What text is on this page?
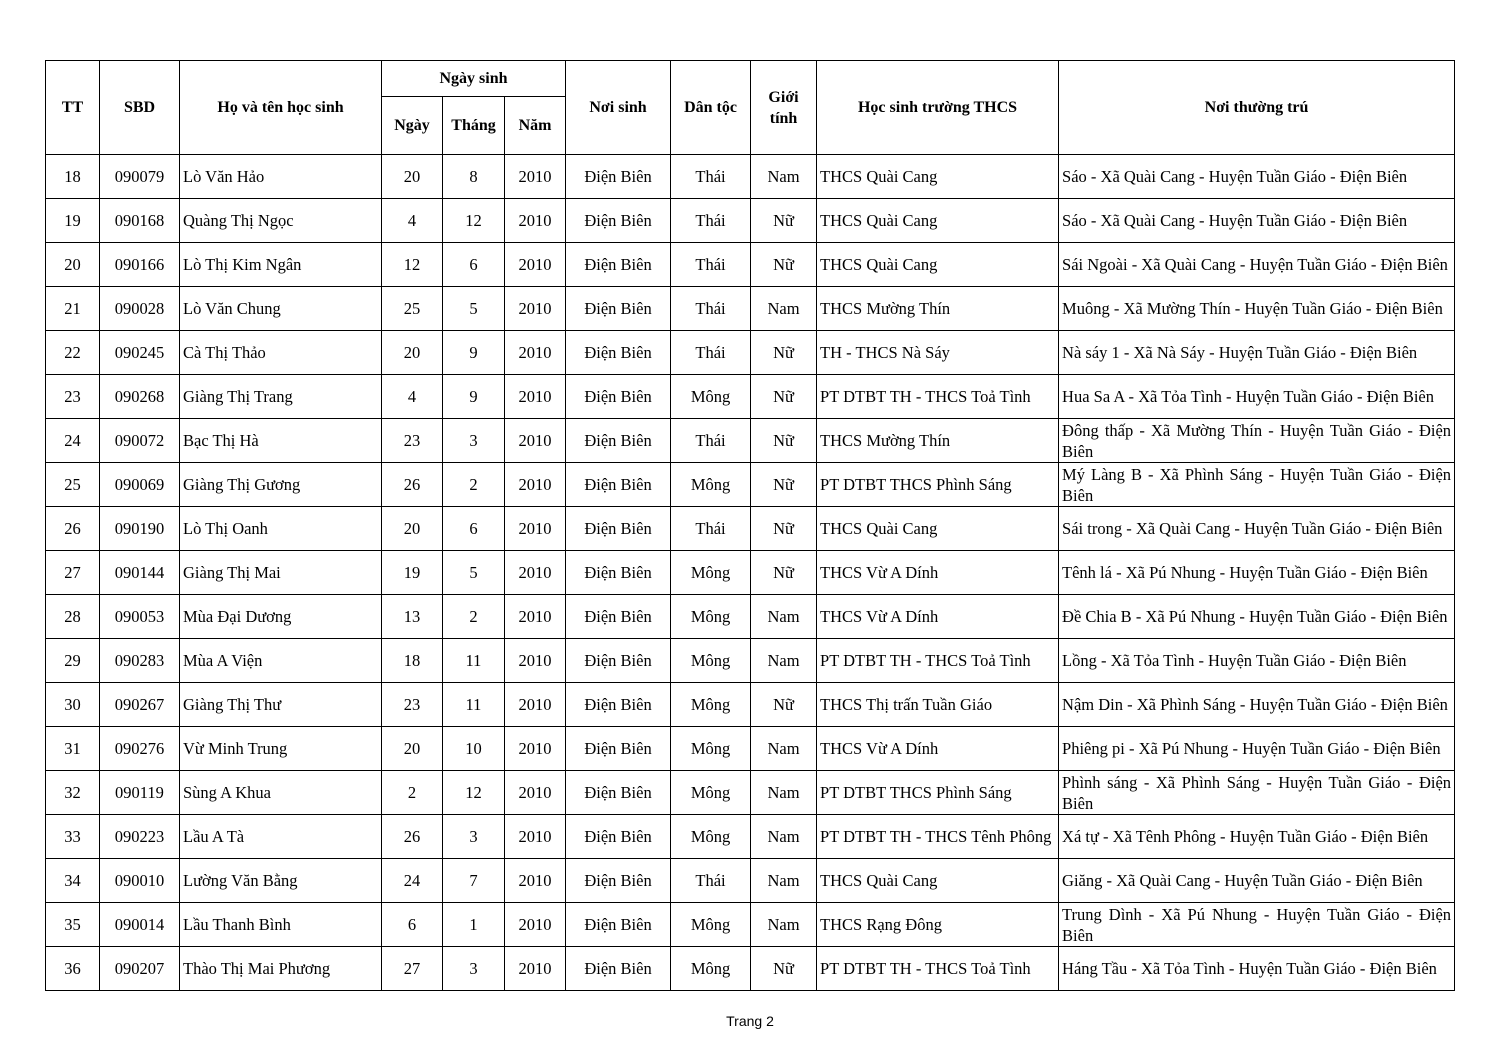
TT	SBD	Họ và tên học sinh	Ngày sinh			Nơi sinh	Dân tộc	Giới tính	Học sinh trường THCS	Nơi thường trú
			Ngày	Tháng	Năm					
18	090079	Lò Văn Hảo	20	8	2010	Điện Biên	Thái	Nam	THCS Quài Cang	Sáo - Xã Quài Cang - Huyện Tuần Giáo - Điện Biên
19	090168	Quàng Thị Ngọc	4	12	2010	Điện Biên	Thái	Nữ	THCS Quài Cang	Sáo - Xã Quài Cang - Huyện Tuần Giáo - Điện Biên
20	090166	Lò Thị Kim Ngân	12	6	2010	Điện Biên	Thái	Nữ	THCS Quài Cang	Sái Ngoài - Xã Quài Cang - Huyện Tuần Giáo - Điện Biên
21	090028	Lò Văn Chung	25	5	2010	Điện Biên	Thái	Nam	THCS Mường Thín	Muông - Xã Mường Thín - Huyện Tuần Giáo - Điện Biên
22	090245	Cà Thị Thảo	20	9	2010	Điện Biên	Thái	Nữ	TH - THCS Nà Sáy	Nà sáy 1 - Xã Nà Sáy - Huyện Tuần Giáo - Điện Biên
23	090268	Giàng Thị Trang	4	9	2010	Điện Biên	Mông	Nữ	PT DTBT TH - THCS Toả Tình	Hua Sa A - Xã Tỏa Tình - Huyện Tuần Giáo - Điện Biên
24	090072	Bạc Thị Hà	23	3	2010	Điện Biên	Thái	Nữ	THCS Mường Thín	Đông thấp - Xã Mường Thín - Huyện Tuần Giáo - Điện Biên
25	090069	Giàng Thị Gương	26	2	2010	Điện Biên	Mông	Nữ	PT DTBT THCS Phình Sáng	Mý Làng B - Xã Phình Sáng - Huyện Tuần Giáo - Điện Biên
26	090190	Lò Thị Oanh	20	6	2010	Điện Biên	Thái	Nữ	THCS Quài Cang	Sái trong - Xã Quài Cang - Huyện Tuần Giáo - Điện Biên
27	090144	Giàng Thị Mai	19	5	2010	Điện Biên	Mông	Nữ	THCS Vừ A Dính	Tênh lá - Xã Pú Nhung - Huyện Tuần Giáo - Điện Biên
28	090053	Mùa Đại Dương	13	2	2010	Điện Biên	Mông	Nam	THCS Vừ A Dính	Đề Chia B - Xã Pú Nhung - Huyện Tuần Giáo - Điện Biên
29	090283	Mùa A Viện	18	11	2010	Điện Biên	Mông	Nam	PT DTBT TH - THCS Toả Tình	Lồng - Xã Tỏa Tình - Huyện Tuần Giáo - Điện Biên
30	090267	Giàng Thị Thư	23	11	2010	Điện Biên	Mông	Nữ	THCS Thị trấn Tuần Giáo	Nậm Din - Xã Phình Sáng - Huyện Tuần Giáo - Điện Biên
31	090276	Vừ Minh Trung	20	10	2010	Điện Biên	Mông	Nam	THCS Vừ A Dính	Phiêng pi - Xã Pú Nhung - Huyện Tuần Giáo - Điện Biên
32	090119	Sùng A Khua	2	12	2010	Điện Biên	Mông	Nam	PT DTBT THCS Phình Sáng	Phình sáng - Xã Phình Sáng - Huyện Tuần Giáo - Điện Biên
33	090223	Lầu A Tà	26	3	2010	Điện Biên	Mông	Nam	PT DTBT TH - THCS Tênh Phông	Xá tự - Xã Tênh Phông - Huyện Tuần Giáo - Điện Biên
34	090010	Lường Văn Bằng	24	7	2010	Điện Biên	Thái	Nam	THCS Quài Cang	Giăng - Xã Quài Cang - Huyện Tuần Giáo - Điện Biên
35	090014	Lầu Thanh Bình	6	1	2010	Điện Biên	Mông	Nam	THCS Rạng Đông	Trung Dình - Xã Pú Nhung - Huyện Tuần Giáo - Điện Biên
36	090207	Thào Thị Mai Phương	27	3	2010	Điện Biên	Mông	Nữ	PT DTBT TH - THCS Toả Tình	Háng Tầu - Xã Tỏa Tình - Huyện Tuần Giáo - Điện Biên
Trang 2
